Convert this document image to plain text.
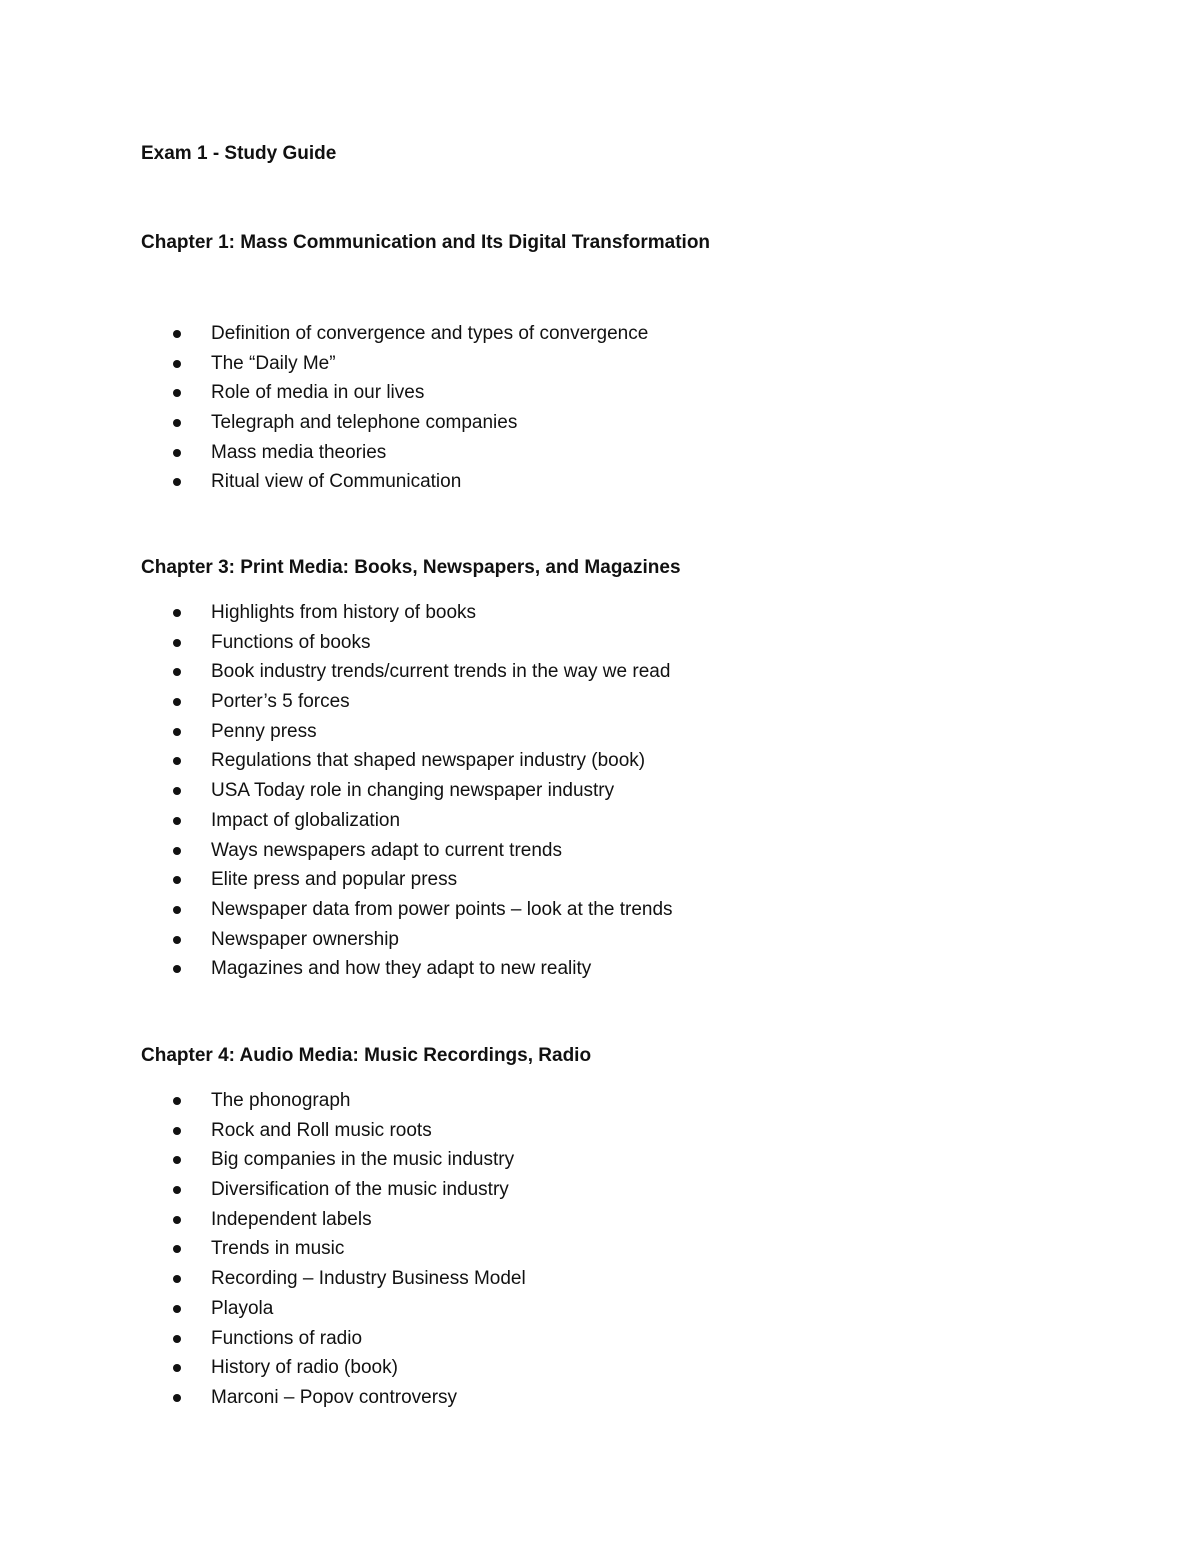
Exam 1 - Study Guide
Chapter 1: Mass Communication and Its Digital Transformation
Definition of convergence and types of convergence
The “Daily Me”
Role of media in our lives
Telegraph and telephone companies
Mass media theories
Ritual view of Communication
Chapter 3: Print Media: Books, Newspapers, and Magazines
Highlights from history of books
Functions of books
Book industry trends/current trends in the way we read
Porter’s 5 forces
Penny press
Regulations that shaped newspaper industry (book)
USA Today role in changing newspaper industry
Impact of globalization
Ways newspapers adapt to current trends
Elite press and popular press
Newspaper data from power points – look at the trends
Newspaper ownership
Magazines and how they adapt to new reality
Chapter 4: Audio Media: Music Recordings, Radio
The phonograph
Rock and Roll music roots
Big companies in the music industry
Diversification of the music industry
Independent labels
Trends in music
Recording – Industry Business Model
Playola
Functions of radio
History of radio (book)
Marconi – Popov controversy
